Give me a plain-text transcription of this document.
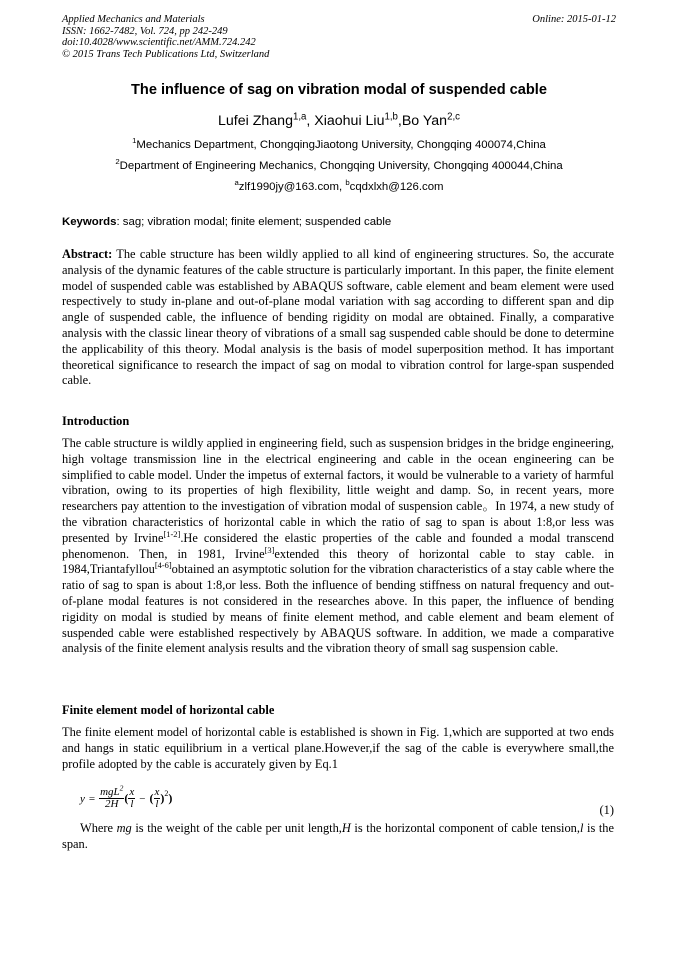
Applied Mechanics and Materials
ISSN: 1662-7482, Vol. 724, pp 242-249
doi:10.4028/www.scientific.net/AMM.724.242
© 2015 Trans Tech Publications Ltd, Switzerland
Online: 2015-01-12
The influence of sag on vibration modal of suspended cable
Lufei Zhang$^{1,a}$, Xiaohui Liu$^{1,b}$,Bo Yan$^{2,c}$
$^1$Mechanics Department, ChongqingJiaotong University, Chongqing 400074,China
$^2$Department of Engineering Mechanics, Chongqing University, Chongqing 400044,China
$^a$zlf1990jy@163.com, $^b$cqdxlxh@126.com
Keywords: sag; vibration modal; finite element; suspended cable
Abstract: The cable structure has been wildly applied to all kind of engineering structures. So, the accurate analysis of the dynamic features of the cable structure is particularly important. In this paper, the finite element model of suspended cable was established by ABAQUS software, cable element and beam element were used respectively to study in-plane and out-of-plane modal variation with sag according to different span and dip angle of suspended cable, the influence of bending rigidity on modal are obtained. Finally, a comparative analysis with the classic linear theory of vibrations of a small sag suspended cable should be done to determine the applicability of this theory. Modal analysis is the basis of model superposition method. It has important theoretical significance to research the impact of sag on modal to vibration control for large-span suspended cable.
Introduction
The cable structure is wildly applied in engineering field, such as suspension bridges in the bridge engineering, high voltage transmission line in the electrical engineering and cable in the ocean engineering can be simplified to cable model. Under the impetus of external factors, it would be vulnerable to a variety of harmful vibration, owing to its properties of high flexibility, little weight and damp. So, in recent years, more researchers pay attention to the investigation of vibration modal of suspension cable。In 1974, a new study of the vibration characteristics of horizontal cable in which the ratio of sag to span is about 1:8,or less was presented by Irvine[1-2].He considered the elastic properties of the cable and founded a modal transcend phenomenon. Then, in 1981, Irvine[3]extended this theory of horizontal cable to stay cable. in 1984,Triantafyllou[4-6]obtained an asymptotic solution for the vibration characteristics of a stay cable where the ratio of sag to span is about 1:8,or less. Both the influence of bending stiffness on natural frequency and out-of-plane modal features is not considered in the researches above. In this paper, the influence of bending rigidity on modal is studied by means of finite element method, and cable element and beam element of suspended cable were established respectively by ABAQUS software. In addition, we made a comparative analysis of the finite element analysis results and the vibration theory of small sag suspension cable.
Finite element model of horizontal cable
The finite element model of horizontal cable is established is shown in Fig. 1,which are supported at two ends and hangs in static equilibrium in a vertical plane.However,if the sag of the cable is everywhere small,the profile adopted by the cable is accurately given by Eq.1
$y = \frac{mgL^2}{2H}$ ( $\frac{x}{l}$ − ( $\frac{x}{l} )^2$)
(1)
Where mg is the weight of the cable per unit length,H is the horizontal component of cable tension,l is the span.
